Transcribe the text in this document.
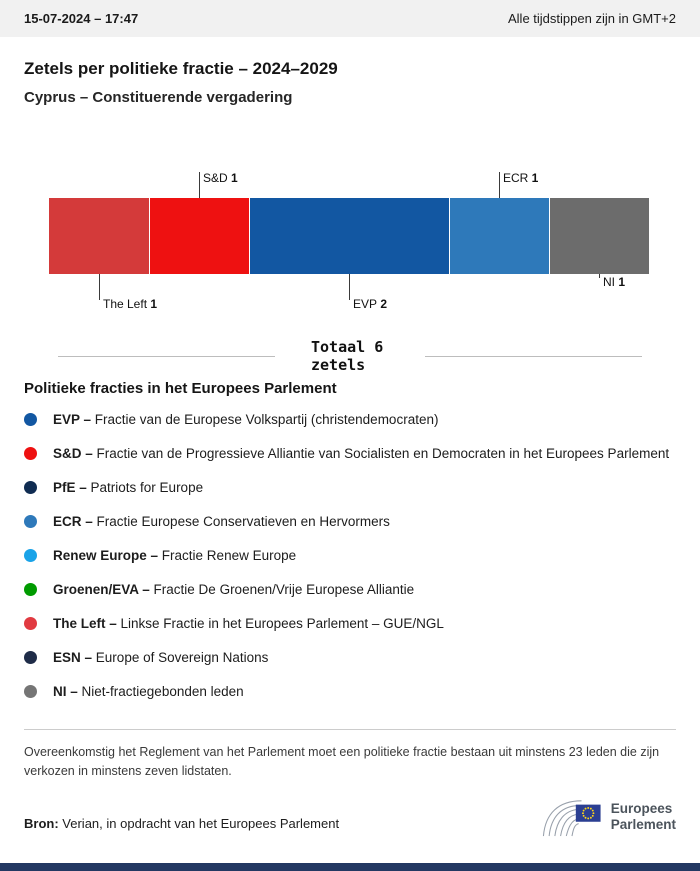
15-07-2024 – 17:47	Alle tijdstippen zijn in GMT+2
Zetels per politieke fractie – 2024–2029
Cyprus – Constituerende vergadering
The Left 1
S&D 1
EVP 2
ECR 1
NI 1
Totaal 6
zetels
Politieke fracties in het Europees Parlement

EVP – Fractie van de Europese Volkspartij (christendemocraten)

S&D – Fractie van de Progressieve Alliantie van Socialisten en Democraten in het Europees Parlement

PfE – Patriots for Europe

ECR – Fractie Europese Conservatieven en Hervormers

Renew Europe – Fractie Renew Europe

Groenen/EVA – Fractie De Groenen/Vrije Europese Alliantie

The Left – Linkse Fractie in het Europees Parlement – GUE/NGL

ESN – Europe of Sovereign Nations

NI – Niet-fractiegebonden leden

Overeenkomstig het Reglement van het Parlement moet een politieke fractie bestaan uit minstens 23 leden die zijn verkozen in minstens zeven lidstaten.

Bron: Verian, in opdracht van het Europees Parlement

Europees
Parlement
